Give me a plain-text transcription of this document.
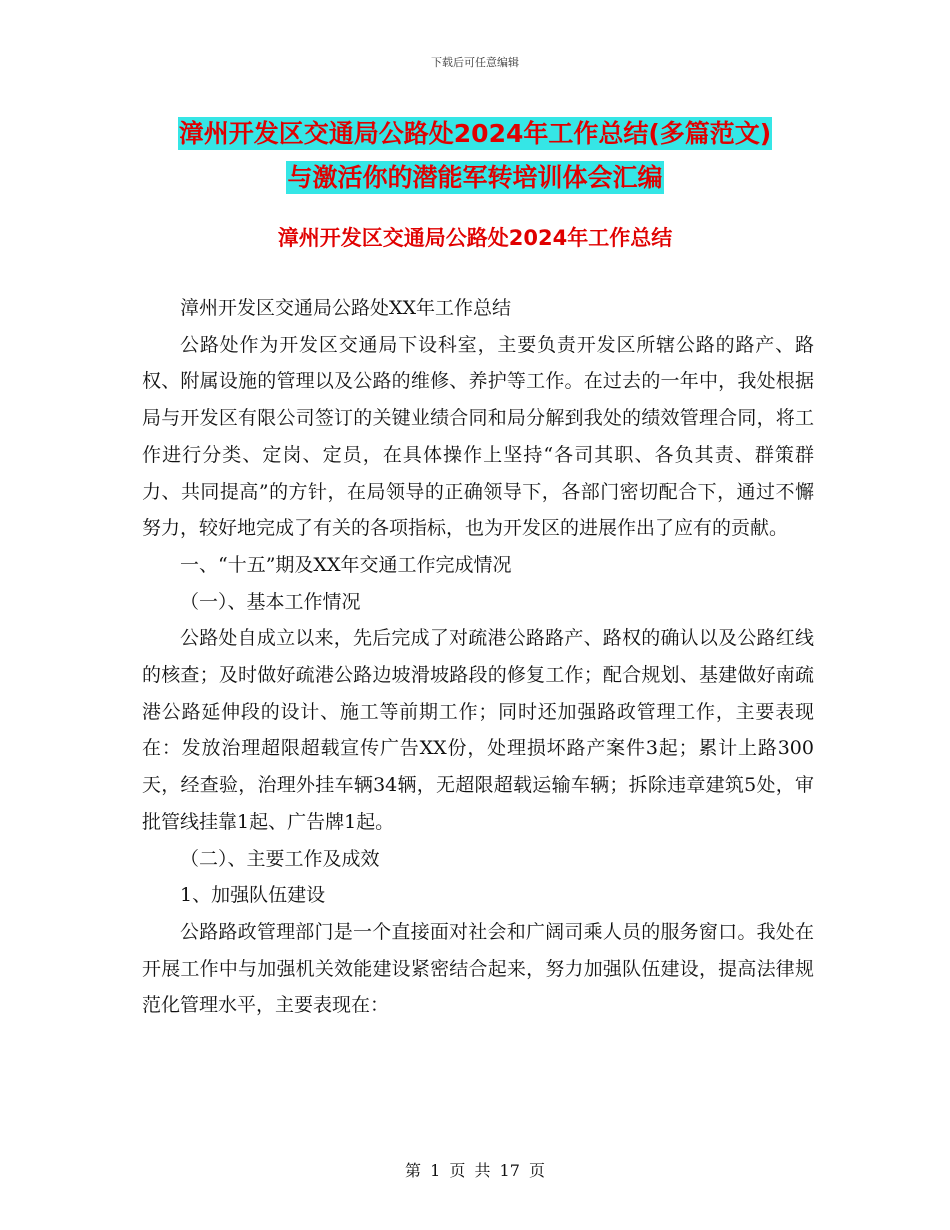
下载后可任意编辑
漳州开发区交通局公路处2024年工作总结(多篇范文)
与激活你的潜能军转培训体会汇编
漳州开发区交通局公路处2024年工作总结

漳州开发区交通局公路处XX年工作总结

公路处作为开发区交通局下设科室，主要负责开发区所辖公路的路产、路权、附属设施的管理以及公路的维修、养护等工作。在过去的一年中，我处根据局与开发区有限公司签订的关键业绩合同和局分解到我处的绩效管理合同，将工作进行分类、定岗、定员，在具体操作上坚持“各司其职、各负其责、群策群力、共同提高”的方针，在局领导的正确领导下，各部门密切配合下，通过不懈努力，较好地完成了有关的各项指标，也为开发区的进展作出了应有的贡献。

一、“十五”期及XX年交通工作完成情况

（一）、基本工作情况

公路处自成立以来，先后完成了对疏港公路路产、路权的确认以及公路红线的核查；及时做好疏港公路边坡滑坡路段的修复工作；配合规划、基建做好南疏港公路延伸段的设计、施工等前期工作；同时还加强路政管理工作，主要表现在：发放治理超限超载宣传广告XX份，处理损坏路产案件3起；累计上路300天，经查验，治理外挂车辆34辆，无超限超载运输车辆；拆除违章建筑5处，审批管线挂靠1起、广告牌1起。

（二）、主要工作及成效

1、加强队伍建设

公路路政管理部门是一个直接面对社会和广阔司乘人员的服务窗口。我处在开展工作中与加强机关效能建设紧密结合起来，努力加强队伍建设，提高法律规范化管理水平，主要表现在：

第 1 页 共 17 页
